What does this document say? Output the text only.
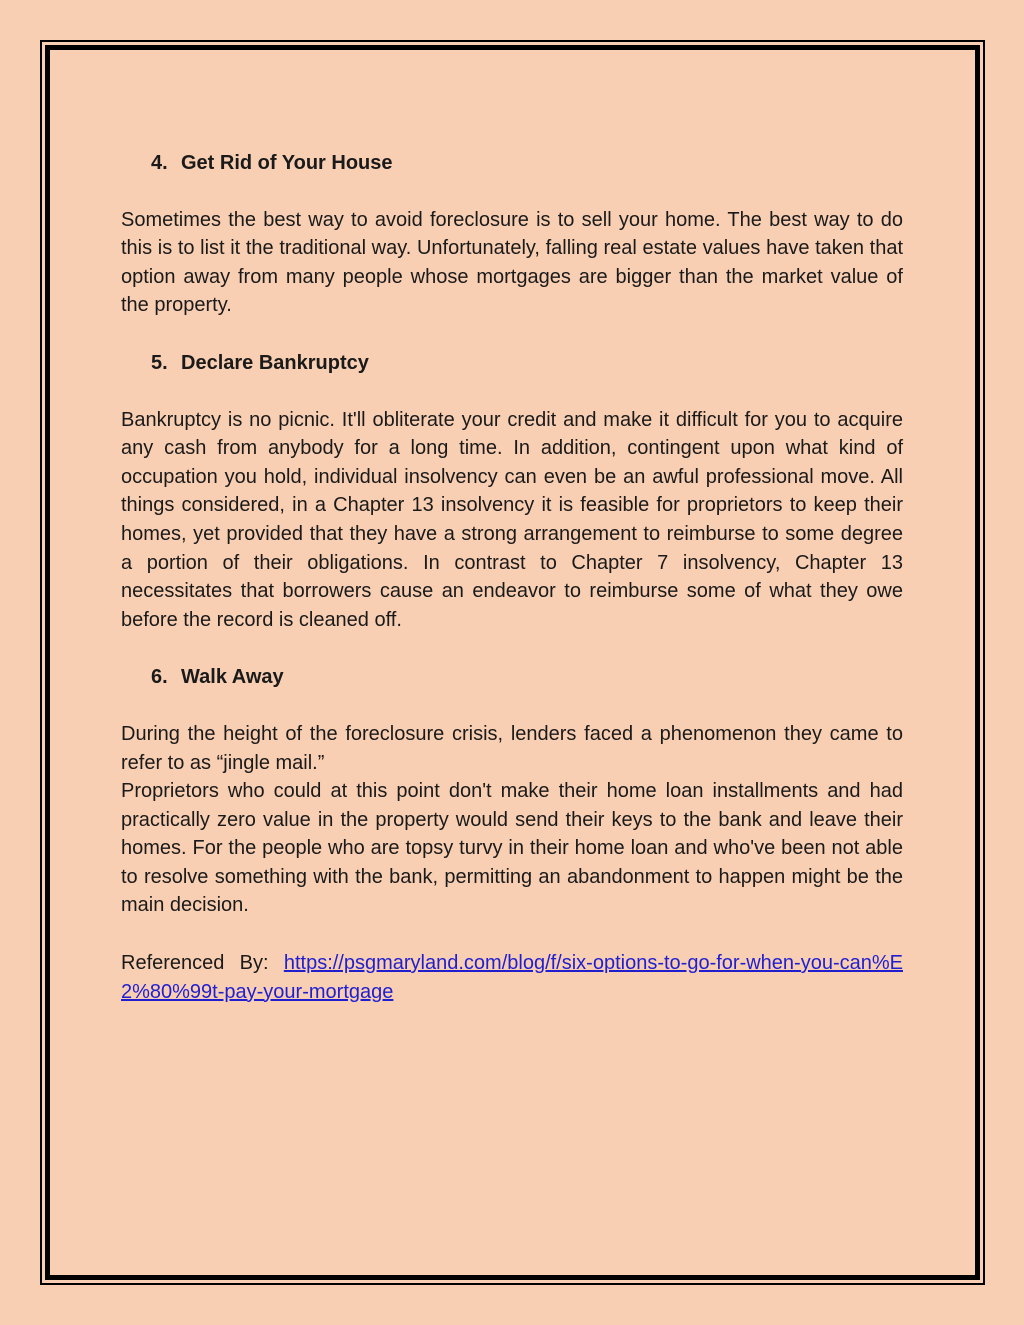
4. Get Rid of Your House

Sometimes the best way to avoid foreclosure is to sell your home. The best way to do this is to list it the traditional way. Unfortunately, falling real estate values have taken that option away from many people whose mortgages are bigger than the market value of the property.

5. Declare Bankruptcy

Bankruptcy is no picnic. It'll obliterate your credit and make it difficult for you to acquire any cash from anybody for a long time. In addition, contingent upon what kind of occupation you hold, individual insolvency can even be an awful professional move. All things considered, in a Chapter 13 insolvency it is feasible for proprietors to keep their homes, yet provided that they have a strong arrangement to reimburse to some degree a portion of their obligations. In contrast to Chapter 7 insolvency, Chapter 13 necessitates that borrowers cause an endeavor to reimburse some of what they owe before the record is cleaned off.

6. Walk Away

During the height of the foreclosure crisis, lenders faced a phenomenon they came to refer to as “jingle mail.”

Proprietors who could at this point don't make their home loan installments and had practically zero value in the property would send their keys to the bank and leave their homes. For the people who are topsy turvy in their home loan and who've been not able to resolve something with the bank, permitting an abandonment to happen might be the main decision.

Referenced By: https://psgmaryland.com/blog/f/six-options-to-go-for-when-you-can%E2%80%99t-pay-your-mortgage
